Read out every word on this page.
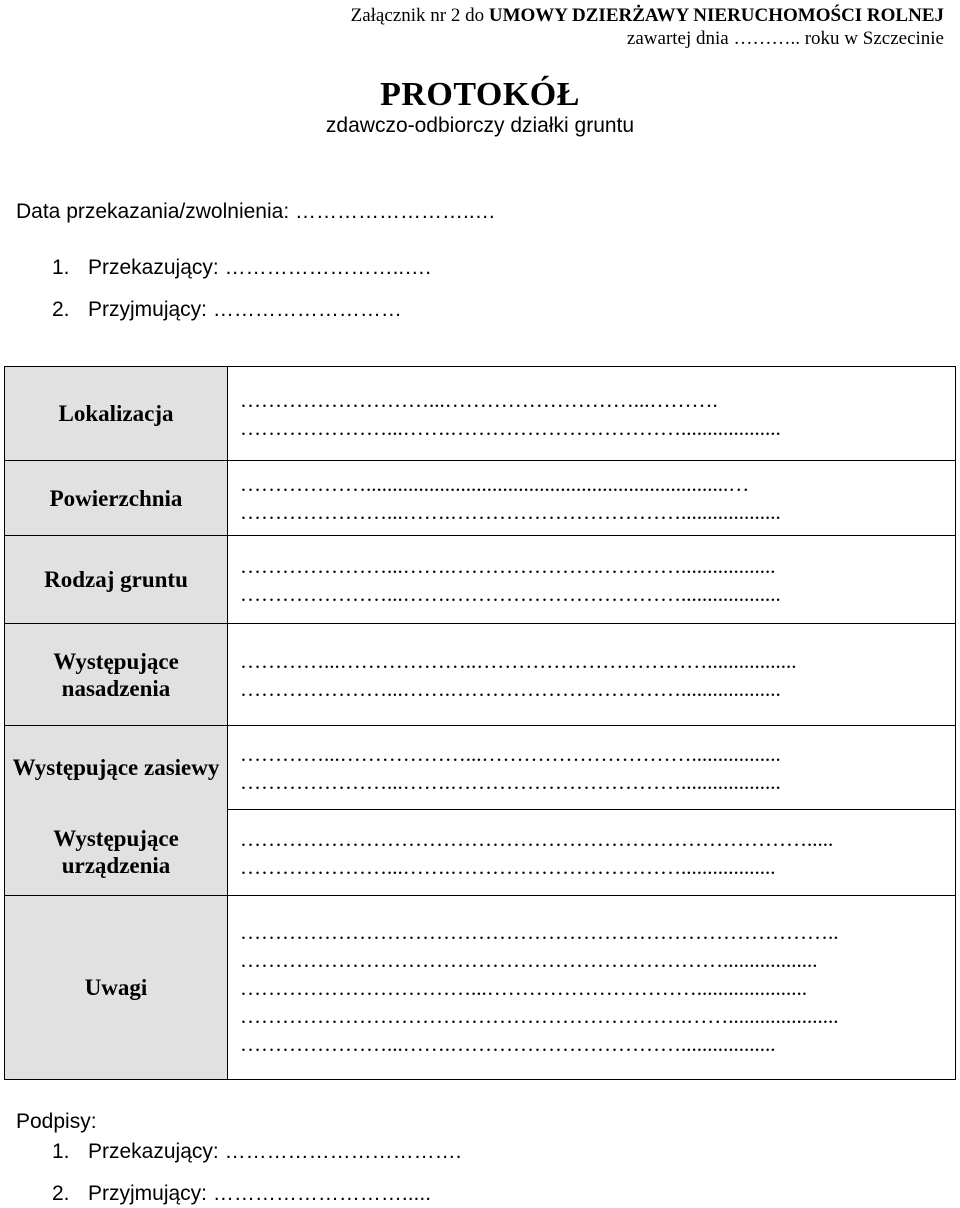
Załącznik nr 2 do UMOWY DZIERŻAWY NIERUCHOMOŚCI ROLNEJ
zawartej dnia ……….. roku w Szczecinie
PROTOKÓŁ
zdawczo-odbiorczy działki gruntu
Data przekazania/zwolnienia: ……………………..…
1. Przekazujący: ……………………..….
2. Przyjmujący: ………………………
Lokalizacja	………………………...………………………...……….
…………………...…….……………………………...................

Powierzchnia	……………….....................................................................…
…………………...…….……………………………...................

Rodzaj gruntu	…………………...…….……………………………..................
…………………...…….……………………………...................

Występujące nasadzenia	…………...………………..…………………………….................
…………………...…….……………………………...................

Występujące zasiewy	…………...………………...………………………….................
…………………...…….……………………………...................

Występujące urządzenia	……………………………………………………………………….....
…………………...…….……………………………..................

Uwagi	…………………………………………………………………………..
……………………………………………………………..................
……………………………...………………………….....................
……………………………………………………….…….....................
…………………...…….……………………………..................
Podpisy:
1. Przekazujący: …………………………….
2. Przyjmujący: ……………………….....
